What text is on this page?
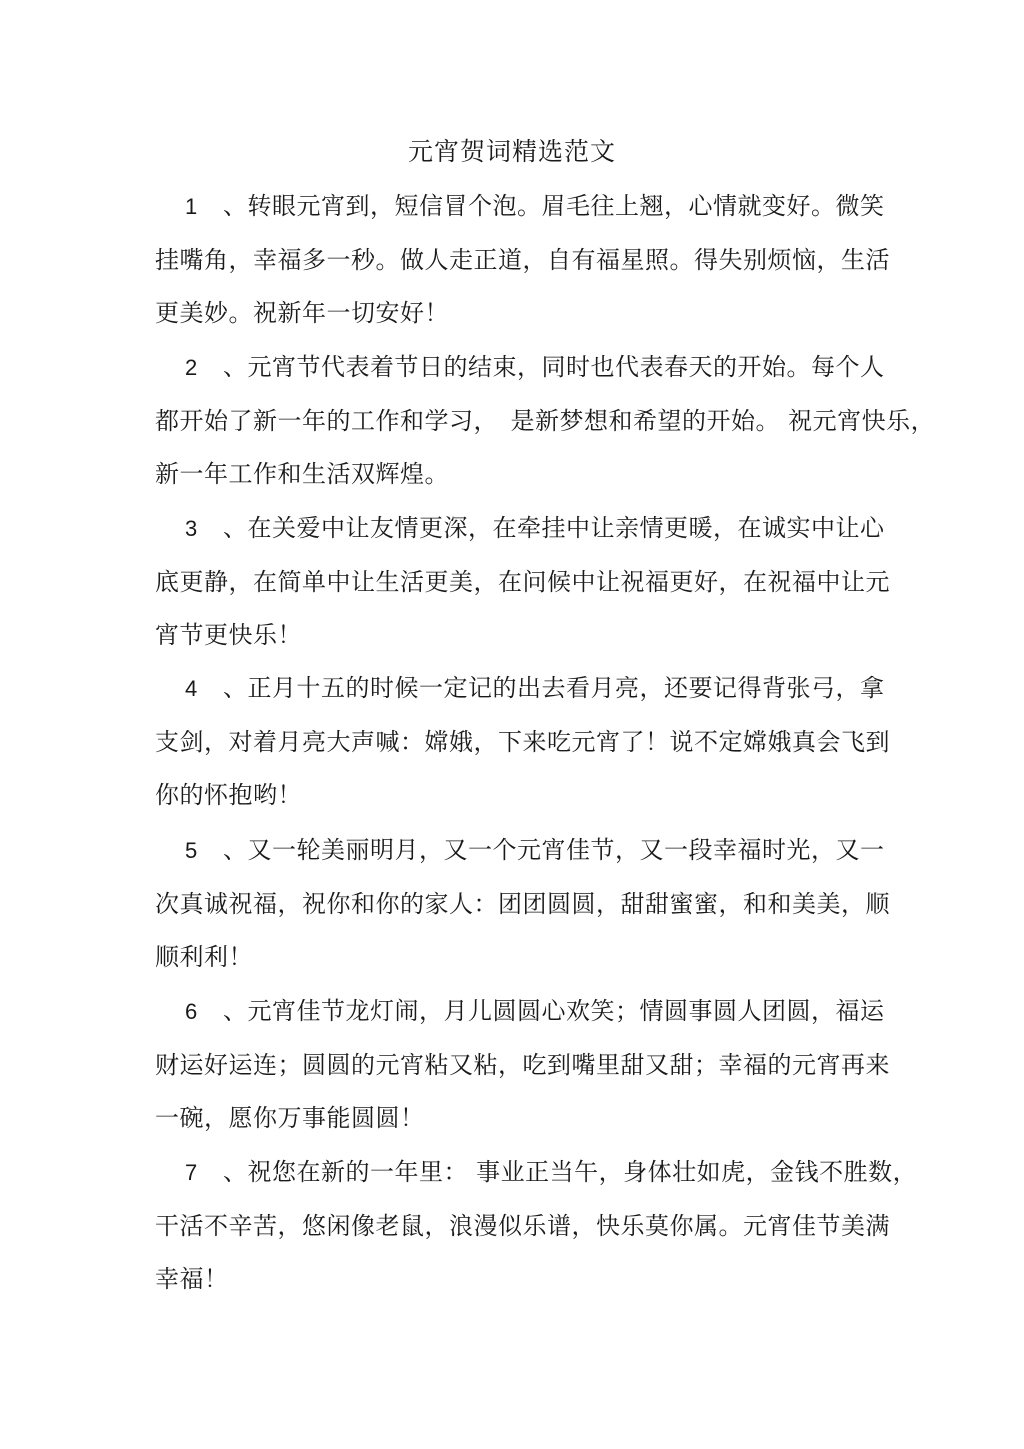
元宵贺词精选范文
1 、转眼元宵到，短信冒个泡。眉毛往上翘，心情就变好。微笑
挂嘴角，幸福多一秒。做人走正道，自有福星照。得失别烦恼，生活
更美妙。祝新年一切安好！
2 、元宵节代表着节日的结束，同时也代表春天的开始。每个人
都开始了新一年的工作和学习，　是新梦想和希望的开始。 祝元宵快乐，
新一年工作和生活双辉煌。
3 、在关爱中让友情更深，在牵挂中让亲情更暖，在诚实中让心
底更静，在简单中让生活更美，在问候中让祝福更好，在祝福中让元
宵节更快乐！
4 、正月十五的时候一定记的出去看月亮，还要记得背张弓，拿
支剑，对着月亮大声喊：嫦娥，下来吃元宵了！说不定嫦娥真会飞到
你的怀抱哟！
5 、又一轮美丽明月，又一个元宵佳节，又一段幸福时光，又一
次真诚祝福，祝你和你的家人：团团圆圆，甜甜蜜蜜，和和美美，顺
顺利利！
6 、元宵佳节龙灯闹，月儿圆圆心欢笑；情圆事圆人团圆，福运
财运好运连；圆圆的元宵粘又粘，吃到嘴里甜又甜；幸福的元宵再来
一碗，愿你万事能圆圆！
7 、祝您在新的一年里： 事业正当午，身体壮如虎，金钱不胜数，
干活不辛苦，悠闲像老鼠，浪漫似乐谱，快乐莫你属。元宵佳节美满
幸福！
